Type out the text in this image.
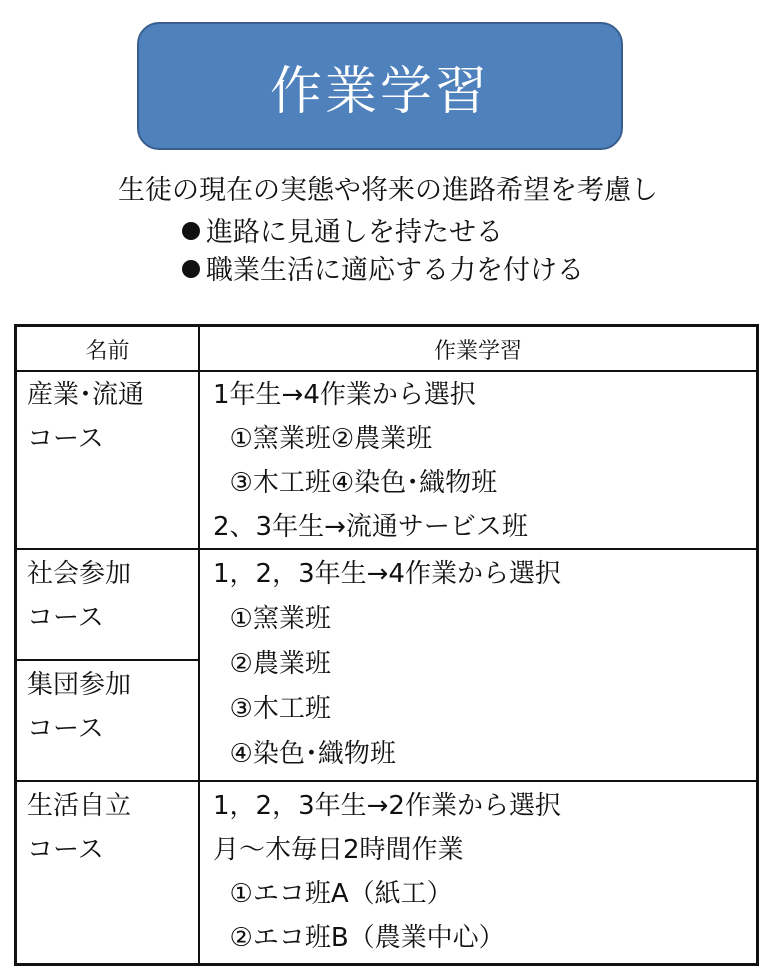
作業学習
生徒の現在の実態や将来の進路希望を考慮し
進路に見通しを持たせる
職業生活に適応する力を付ける
名前	作業学習
産業･流通
コース
1年生→4作業から選択
①窯業班②農業班
③木工班④染色･織物班
2、3年生→流通サービス班
社会参加
コース
集団参加
コース
1，2，3年生→4作業から選択
①窯業班
②農業班
③木工班
④染色･織物班
生活自立
コース
1，2，3年生→2作業から選択
月～木毎日2時間作業
①エコ班A（紙工）
②エコ班B（農業中心）
